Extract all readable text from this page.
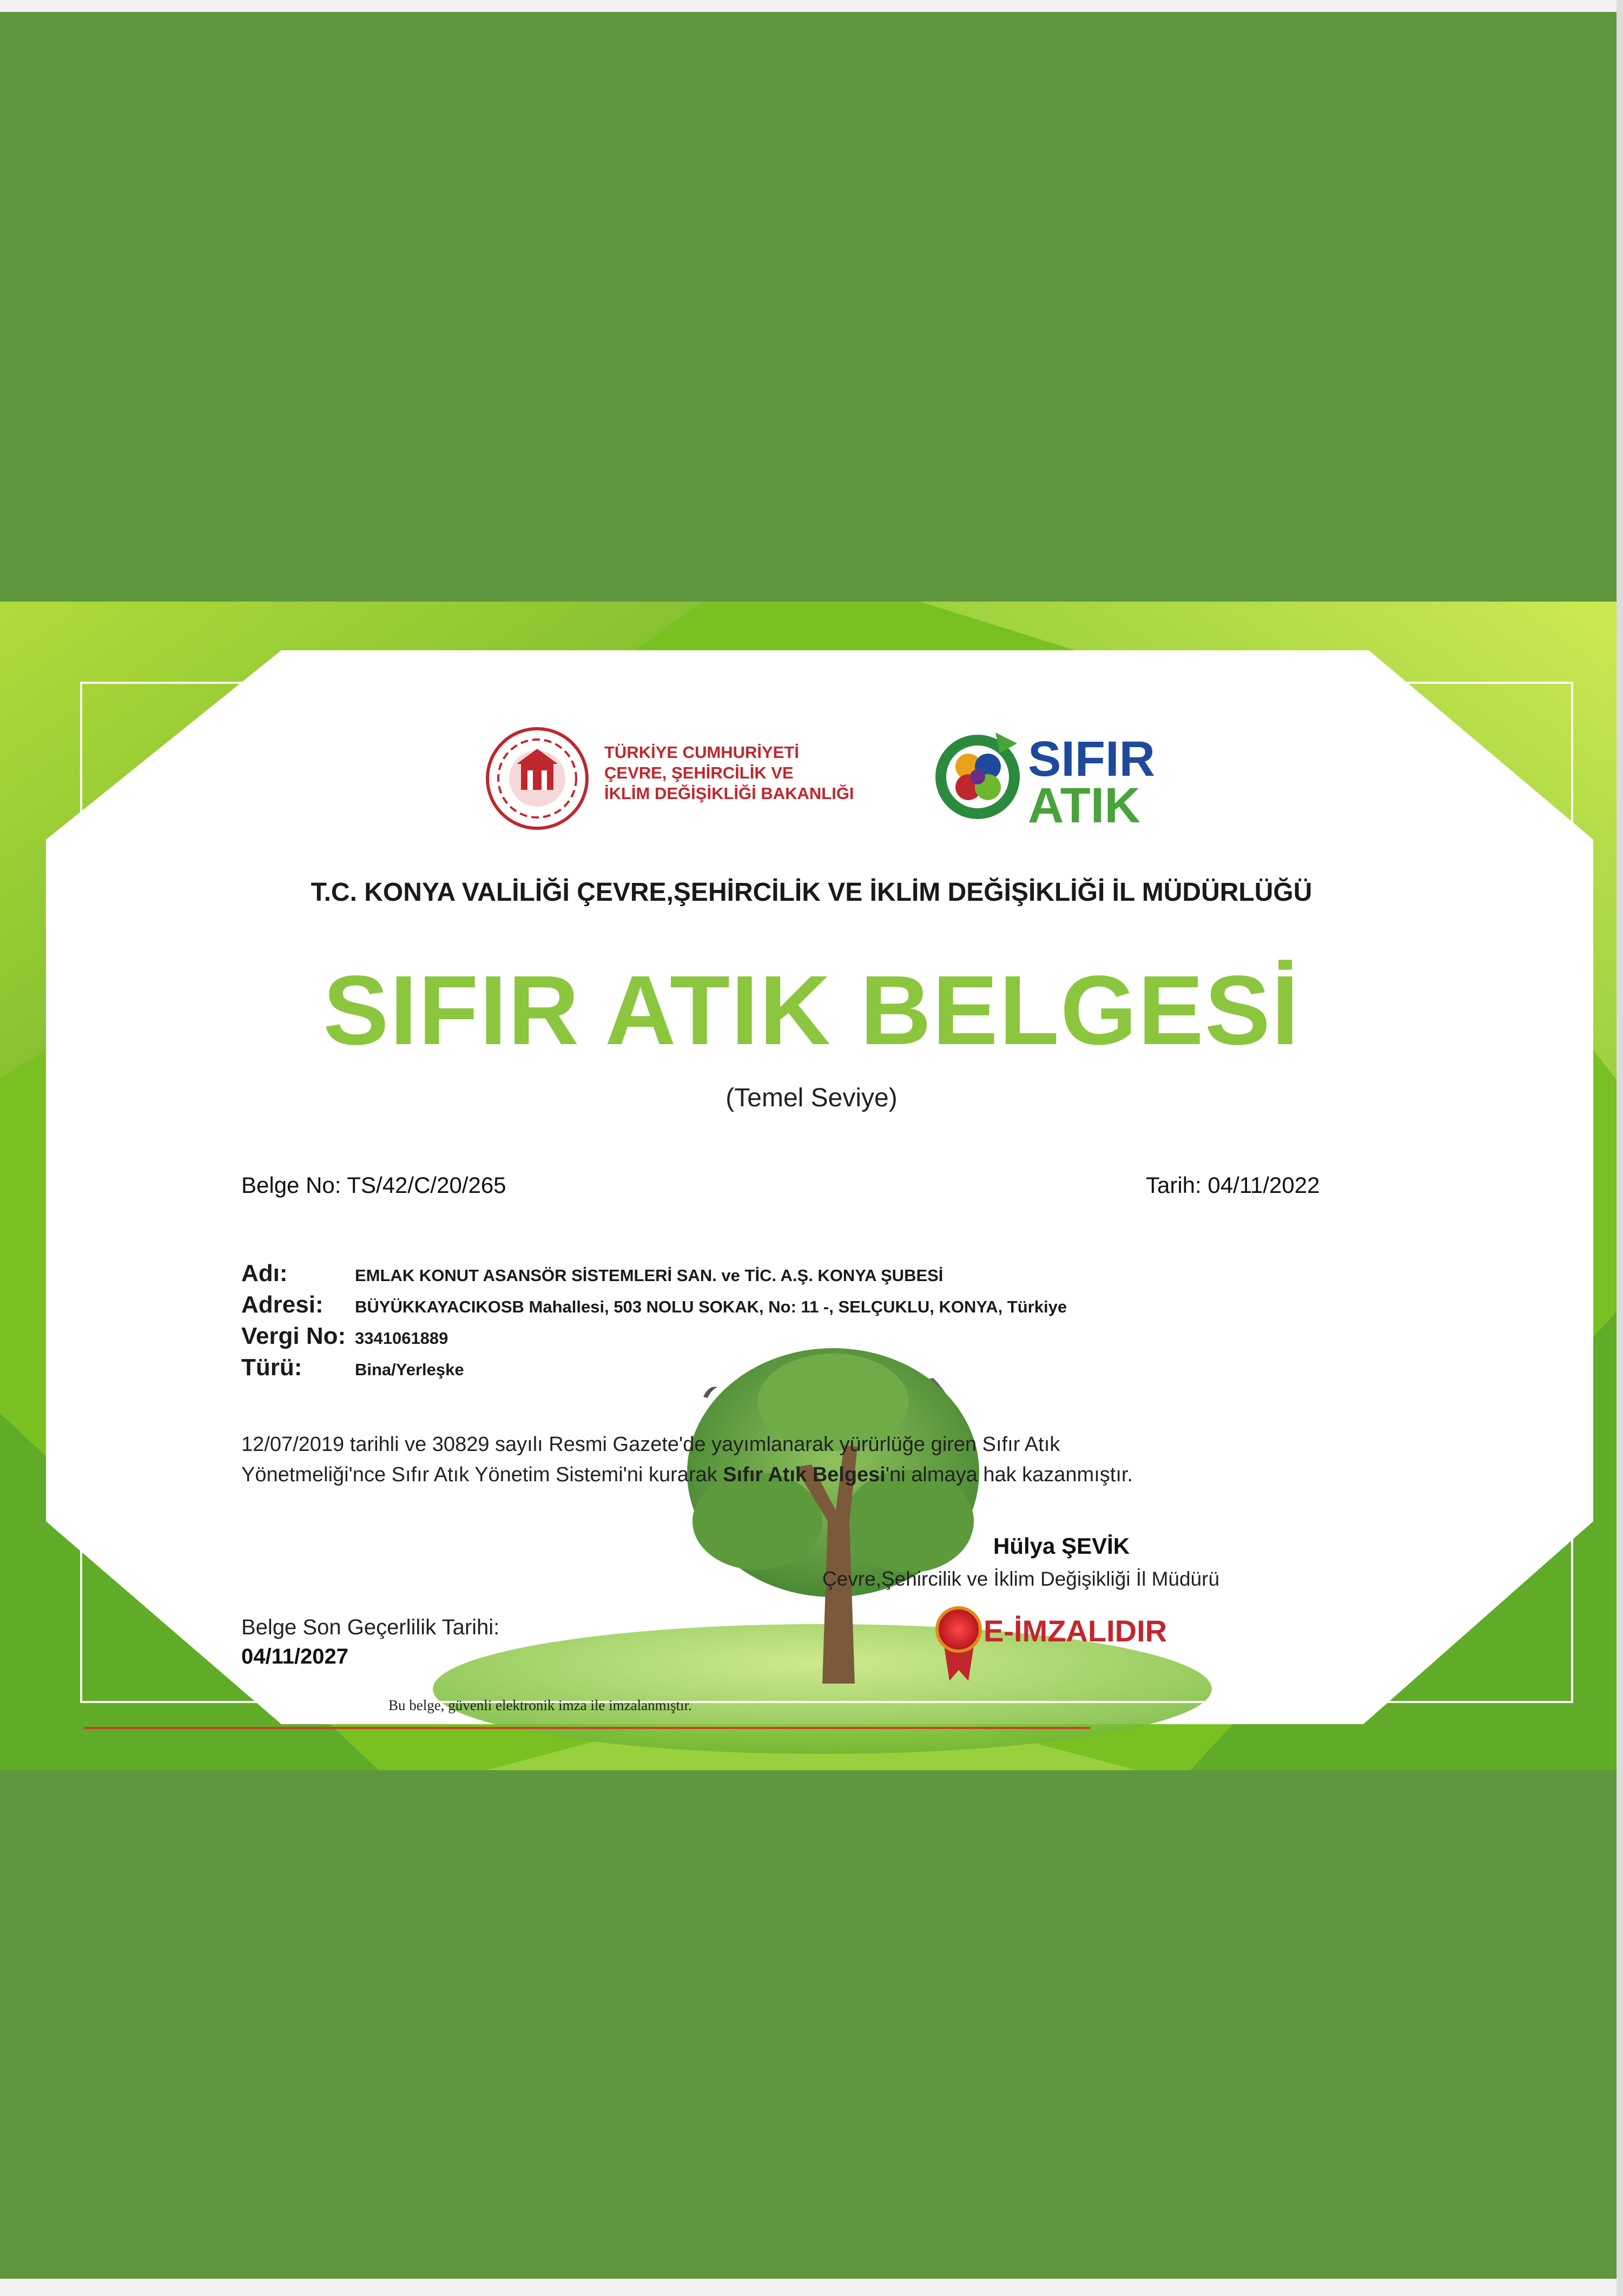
TÜRKİYE CUMHURİYETİ
ÇEVRE, ŞEHİRCİLİK VE
İKLİM DEĞİŞİKLİĞİ BAKANLIĞI
SIFIR
ATIK
T.C. KONYA VALİLİĞİ ÇEVRE,ŞEHİRCİLİK VE İKLİM DEĞİŞİKLİĞİ İL MÜDÜRLÜĞÜ
SIFIR ATIK BELGESİ
(Temel Seviye)
Belge No: TS/42/C/20/265	Tarih: 04/11/2022
Adı:	EMLAK KONUT ASANSÖR SİSTEMLERİ SAN. ve TİC. A.Ş. KONYA ŞUBESİ
Adresi: BÜYÜKKAYACIKOSB Mahallesi, 503 NOLU SOKAK, No: 11 -, SELÇUKLU, KONYA, Türkiye
Vergi No: 3341061889
Türü:	Bina/Yerleşke
12/07/2019 tarihli ve 30829 sayılı Resmi Gazete'de yayımlanarak yürürlüğe giren Sıfır Atık
Yönetmeliği'nce Sıfır Atık Yönetim Sistemi'ni kurarak Sıfır Atık Belgesi'ni almaya hak kazanmıştır.
Hülya ŞEVİK
Çevre,Şehircilik ve İklim Değişikliği İl Müdürü
Belge Son Geçerlilik Tarihi:
04/11/2027
E-İMZALIDIR
Bu belge, güvenli elektronik imza ile imzalanmıştır.
